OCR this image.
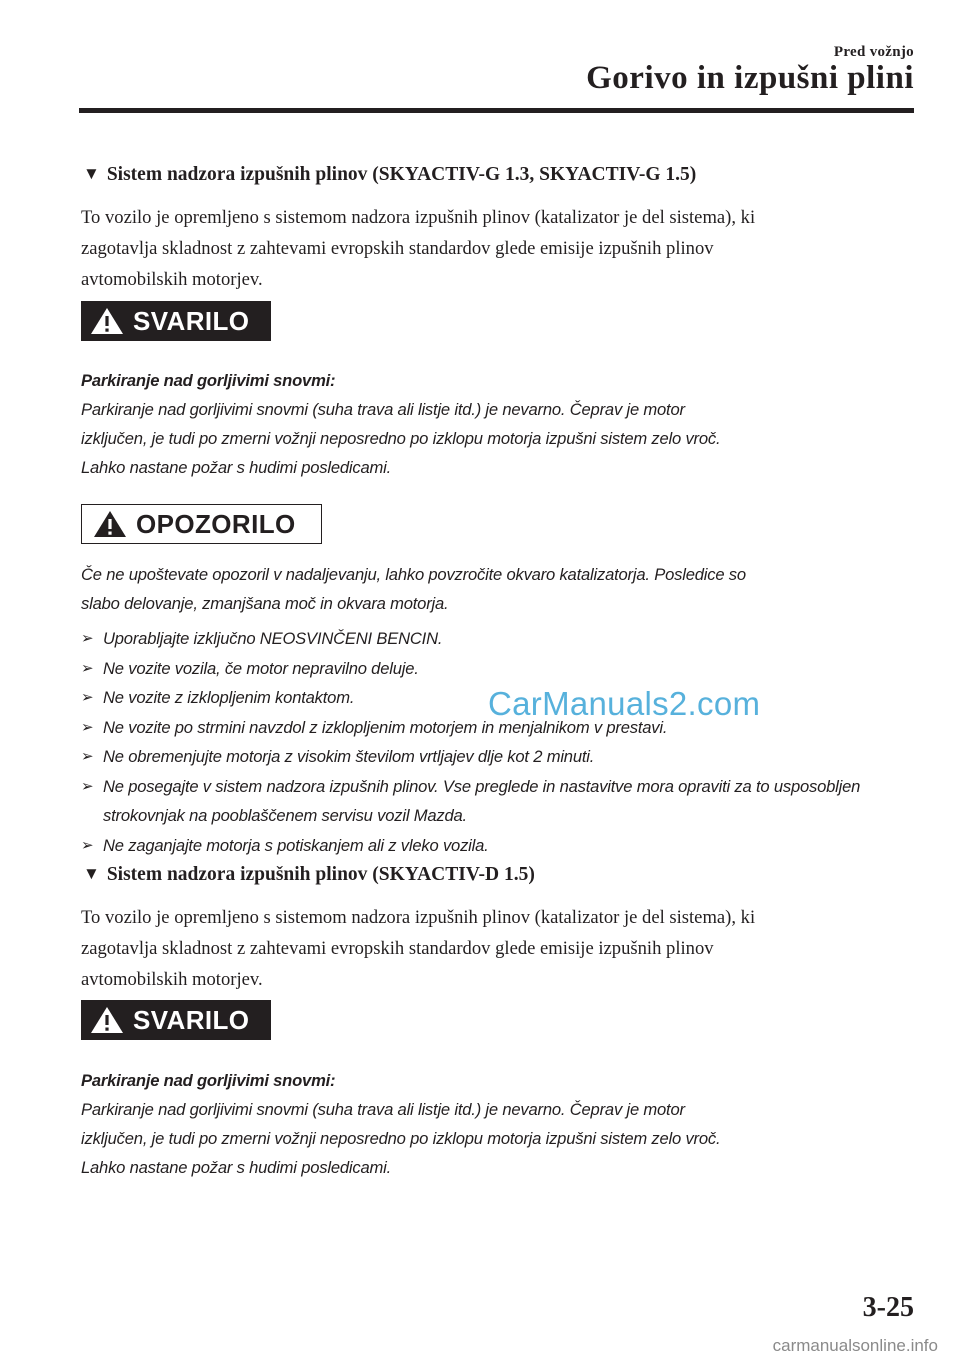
Pred vožnjo
Gorivo in izpušni plini
▼ Sistem nadzora izpušnih plinov (SKYACTIV-G 1.3, SKYACTIV-G 1.5)
To vozilo je opremljeno s sistemom nadzora izpušnih plinov (katalizator je del sistema), ki
zagotavlja skladnost z zahtevami evropskih standardov glede emisije izpušnih plinov
avtomobilskih motorjev.
SVARILO

Parkiranje nad gorljivimi snovmi:

Parkiranje nad gorljivimi snovmi (suha trava ali listje itd.) je nevarno. Čeprav je motor

izključen, je tudi po zmerni vožnji neposredno po izklopu motorja izpušni sistem zelo vroč.

Lahko nastane požar s hudimi posledicami.

OPOZORILO

Če ne upoštevate opozoril v nadaljevanju, lahko povzročite okvaro katalizatorja. Posledice so

slabo delovanje, zmanjšana moč in okvara motorja.

➢ Uporabljajte izključno NEOSVINČENI BENCIN.
➢ Ne vozite vozila, če motor nepravilno deluje.
➢ Ne vozite z izklopljenim kontaktom.
➢ Ne vozite po strmini navzdol z izklopljenim motorjem in menjalnikom v prestavi.
➢ Ne obremenjujte motorja z visokim številom vrtljajev dlje kot 2 minuti.
➢ Ne posegajte v sistem nadzora izpušnih plinov. Vse preglede in nastavitve mora opraviti za to usposobljen strokovnjak na pooblaščenem servisu vozil Mazda.
➢ Ne zaganjajte motorja s potiskanjem ali z vleko vozila.
CarManuals2.com
▼ Sistem nadzora izpušnih plinov (SKYACTIV-D 1.5)
To vozilo je opremljeno s sistemom nadzora izpušnih plinov (katalizator je del sistema), ki
zagotavlja skladnost z zahtevami evropskih standardov glede emisije izpušnih plinov
avtomobilskih motorjev.
SVARILO

Parkiranje nad gorljivimi snovmi:

Parkiranje nad gorljivimi snovmi (suha trava ali listje itd.) je nevarno. Čeprav je motor

izključen, je tudi po zmerni vožnji neposredno po izklopu motorja izpušni sistem zelo vroč.

Lahko nastane požar s hudimi posledicami.

3-25
carmanualsonline.info
